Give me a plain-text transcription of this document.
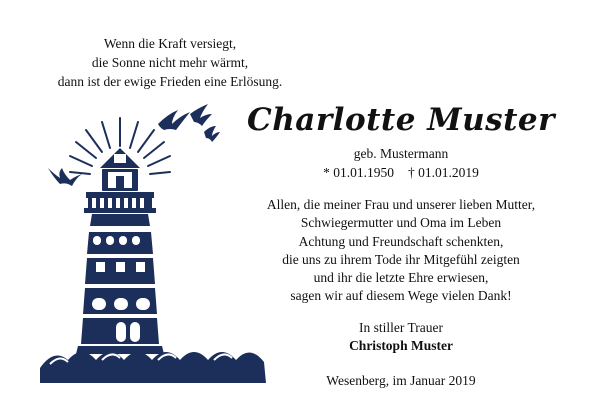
Wenn die Kraft versiegt,
die Sonne nicht mehr wärmt,
dann ist der ewige Frieden eine Erlösung.
Charlotte Muster
geb. Mustermann
* 01.01.1950 † 01.01.2019
Allen, die meiner Frau und unserer lieben Mutter,
Schwiegermutter und Oma im Leben
Achtung und Freundschaft schenkten,
die uns zu ihrem Tode ihr Mitgefühl zeigten
und ihr die letzte Ehre erwiesen,
sagen wir auf diesem Wege vielen Dank!
In stiller Trauer
Christoph Muster
Wesenberg, im Januar 2019
